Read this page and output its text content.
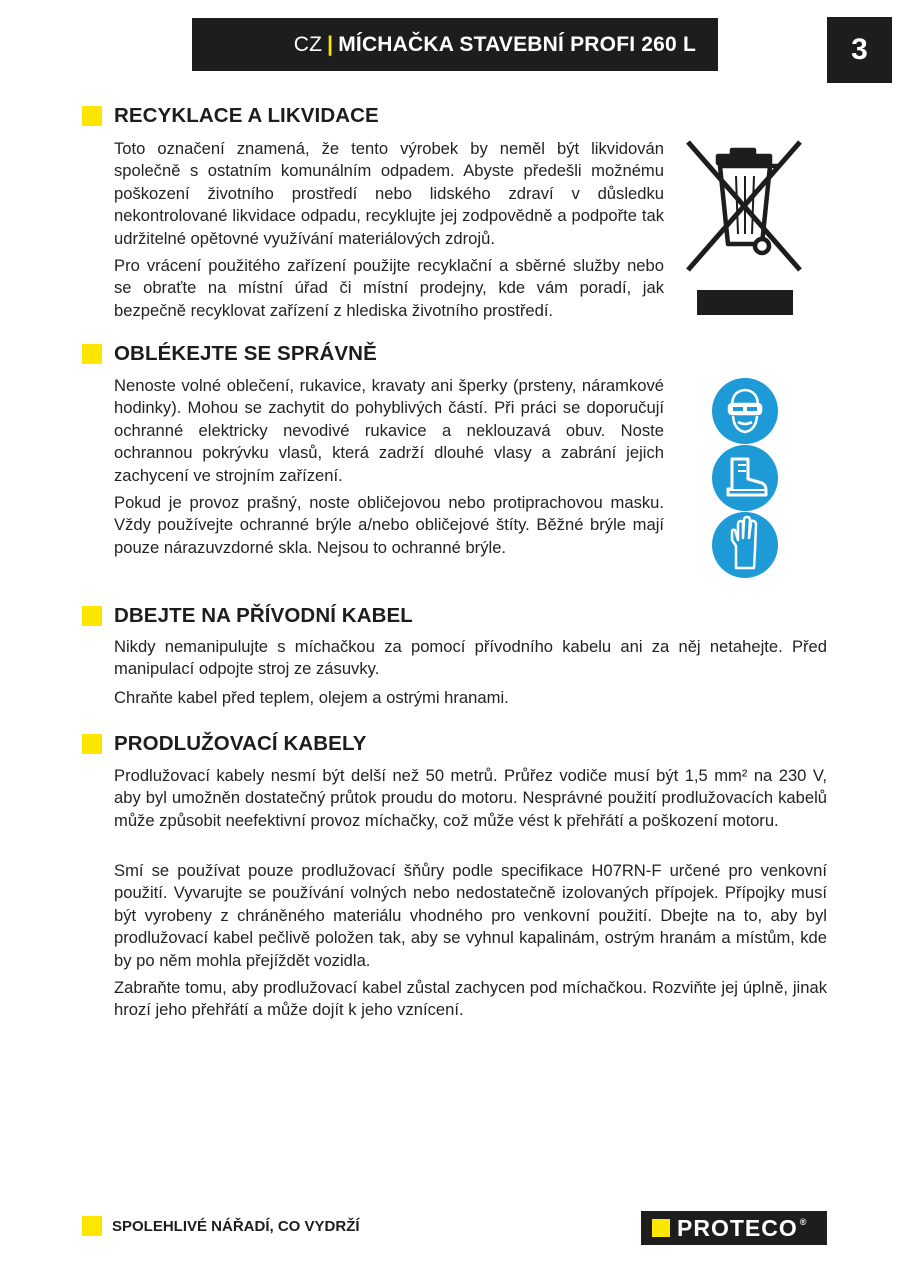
CZ | MÍCHAČKA STAVEBNÍ PROFI 260 L	3
RECYKLACE A LIKVIDACE

Toto označení znamená, že tento výrobek by neměl být likvidován společně s ostatním komunálním odpadem. Abyste předešli možnému poškození životního prostředí nebo lidského zdraví v důsledku nekontrolované likvidace odpadu, recyklujte jej zodpovědně a podpořte tak udržitelné opětovné využívání materiálových zdrojů.

Pro vrácení použitého zařízení použijte recyklační a sběrné služby nebo se obraťte na místní úřad či místní prodejny, kde vám poradí, jak bezpečně recyklovat zařízení z hlediska životního prostředí.

OBLÉKEJTE SE SPRÁVNĚ

Nenoste volné oblečení, rukavice, kravaty ani šperky (prsteny, náramkové hodinky). Mohou se zachytit do pohyblivých částí. Při práci se doporučují ochranné elektricky nevodivé rukavice a neklouzavá obuv. Noste ochrannou pokrývku vlasů, která zadrží dlouhé vlasy a zabrání jejich zachycení ve strojním zařízení.

Pokud je provoz prašný, noste obličejovou nebo protiprachovou masku. Vždy používejte ochranné brýle a/nebo obličejové štíty. Běžné brýle mají pouze nárazuvzdorné skla. Nejsou to ochranné brýle.

DBEJTE NA PŘÍVODNÍ KABEL

Nikdy nemanipulujte s míchačkou za pomocí přívodního kabelu ani za něj netahejte. Před manipulací odpojte stroj ze zásuvky.

Chraňte kabel před teplem, olejem a ostrými hranami.

PRODLUŽOVACÍ KABELY

Prodlužovací kabely nesmí být delší než 50 metrů. Průřez vodiče musí být 1,5 mm² na 230 V, aby byl umožněn dostatečný průtok proudu do motoru. Nesprávné použití prodlužovacích kabelů může způsobit neefektivní provoz míchačky, což může vést k přehřátí a poškození motoru.

Smí se používat pouze prodlužovací šňůry podle specifikace H07RN-F určené pro venkovní použití. Vyvarujte se používání volných nebo nedostatečně izolovaných přípojek. Přípojky musí být vyrobeny z chráněného materiálu vhodného pro venkovní použití. Dbejte na to, aby byl prodlužovací kabel pečlivě položen tak, aby se vyhnul kapalinám, ostrým hranám a místům, kde by po něm mohla přejíždět vozidla.

Zabraňte tomu, aby prodlužovací kabel zůstal zachycen pod míchačkou. Rozviňte jej úplně, jinak hrozí jeho přehřátí a může dojít k jeho vznícení.

SPOLEHLIVÉ NÁŘADÍ, CO VYDRŽÍ	PROTECO ®
